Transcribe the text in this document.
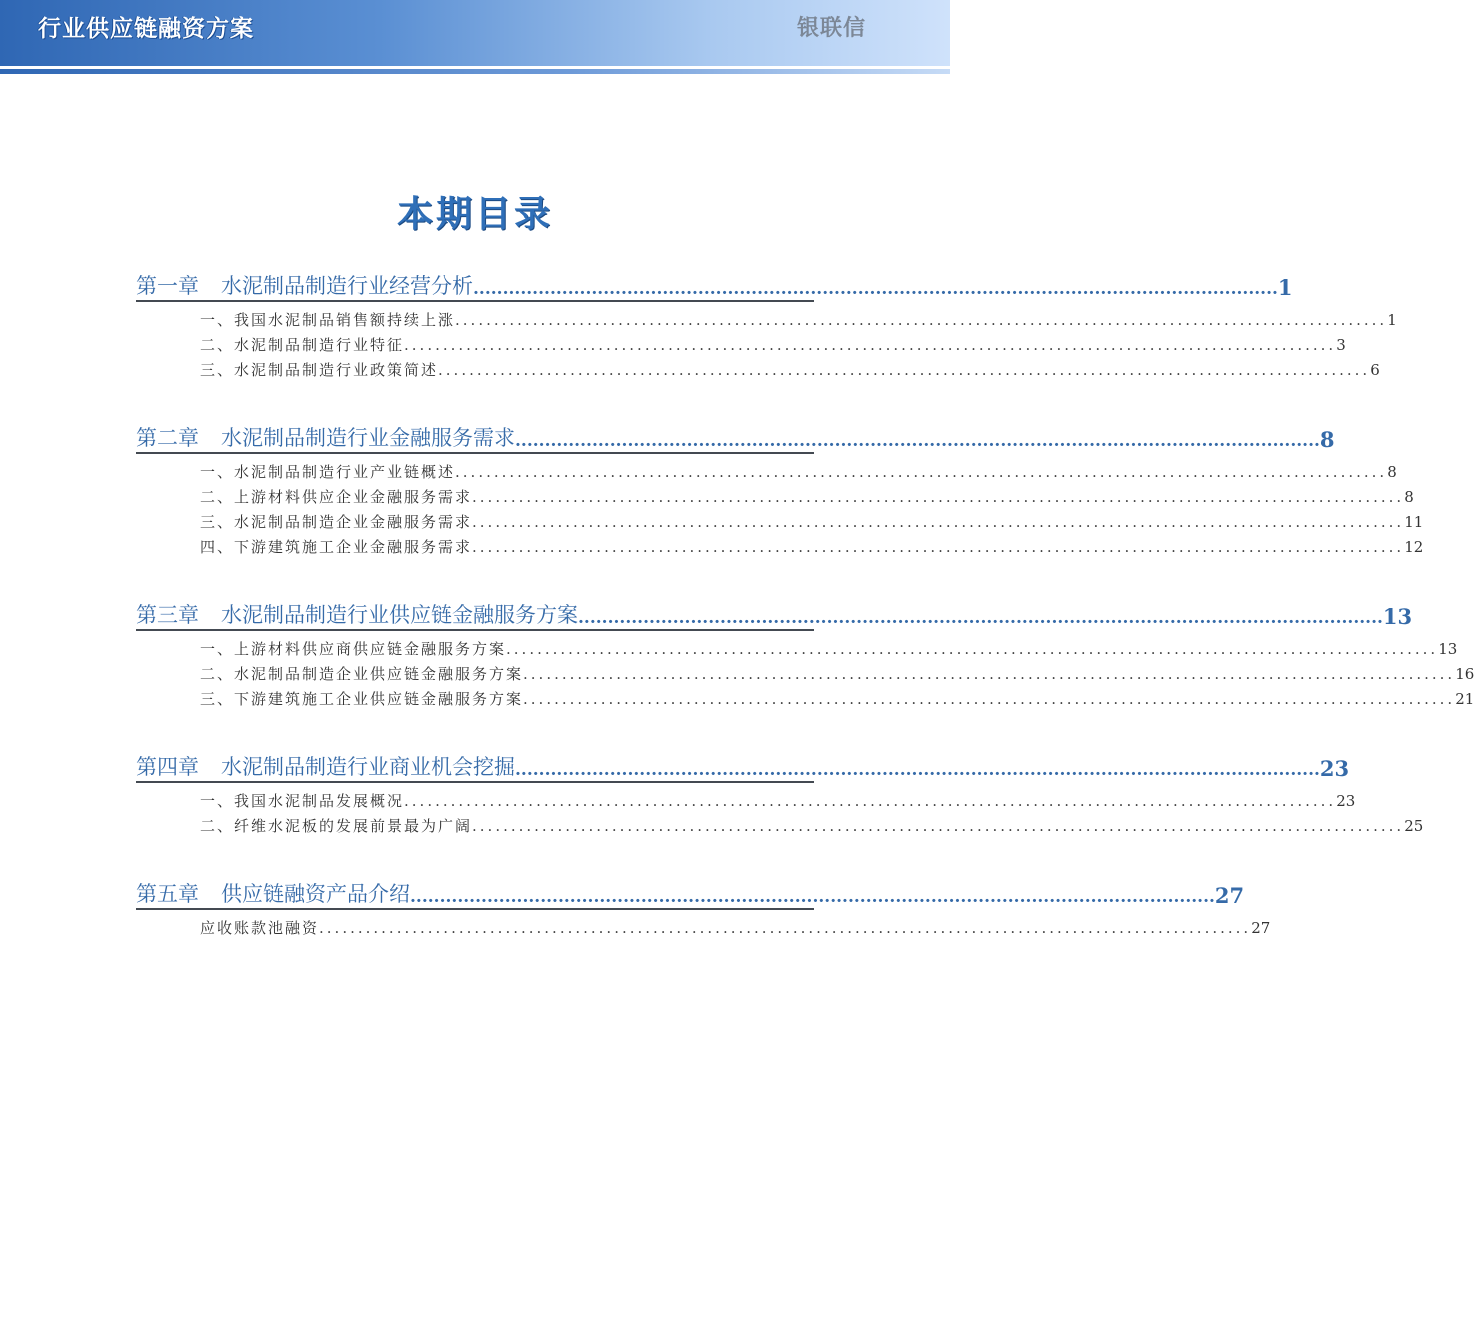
行业供应链融资方案	银联信
本期目录
第一章 水泥制品制造行业经营分析 ........................................................................................................................................ 1
一、我国水泥制品销售额持续上涨 ........................................................................................................................ 1
二、水泥制品制造行业特征 ........................................................................................................................ 3
三、水泥制品制造行业政策简述 ........................................................................................................................ 6
第二章 水泥制品制造行业金融服务需求 ........................................................................................................................................ 8
一、水泥制品制造行业产业链概述 ........................................................................................................................ 8
二、上游材料供应企业金融服务需求 ........................................................................................................................ 8
三、水泥制品制造企业金融服务需求 ........................................................................................................................ 11
四、下游建筑施工企业金融服务需求 ........................................................................................................................ 12
第三章 水泥制品制造行业供应链金融服务方案 ........................................................................................................................................ 13
一、上游材料供应商供应链金融服务方案 ........................................................................................................................ 13
二、水泥制品制造企业供应链金融服务方案 ........................................................................................................................ 16
三、下游建筑施工企业供应链金融服务方案 ........................................................................................................................ 21
第四章 水泥制品制造行业商业机会挖掘 ........................................................................................................................................ 23
一、我国水泥制品发展概况 ........................................................................................................................ 23
二、纤维水泥板的发展前景最为广阔 ........................................................................................................................ 25
第五章 供应链融资产品介绍 ........................................................................................................................................ 27
应收账款池融资 ........................................................................................................................ 27
